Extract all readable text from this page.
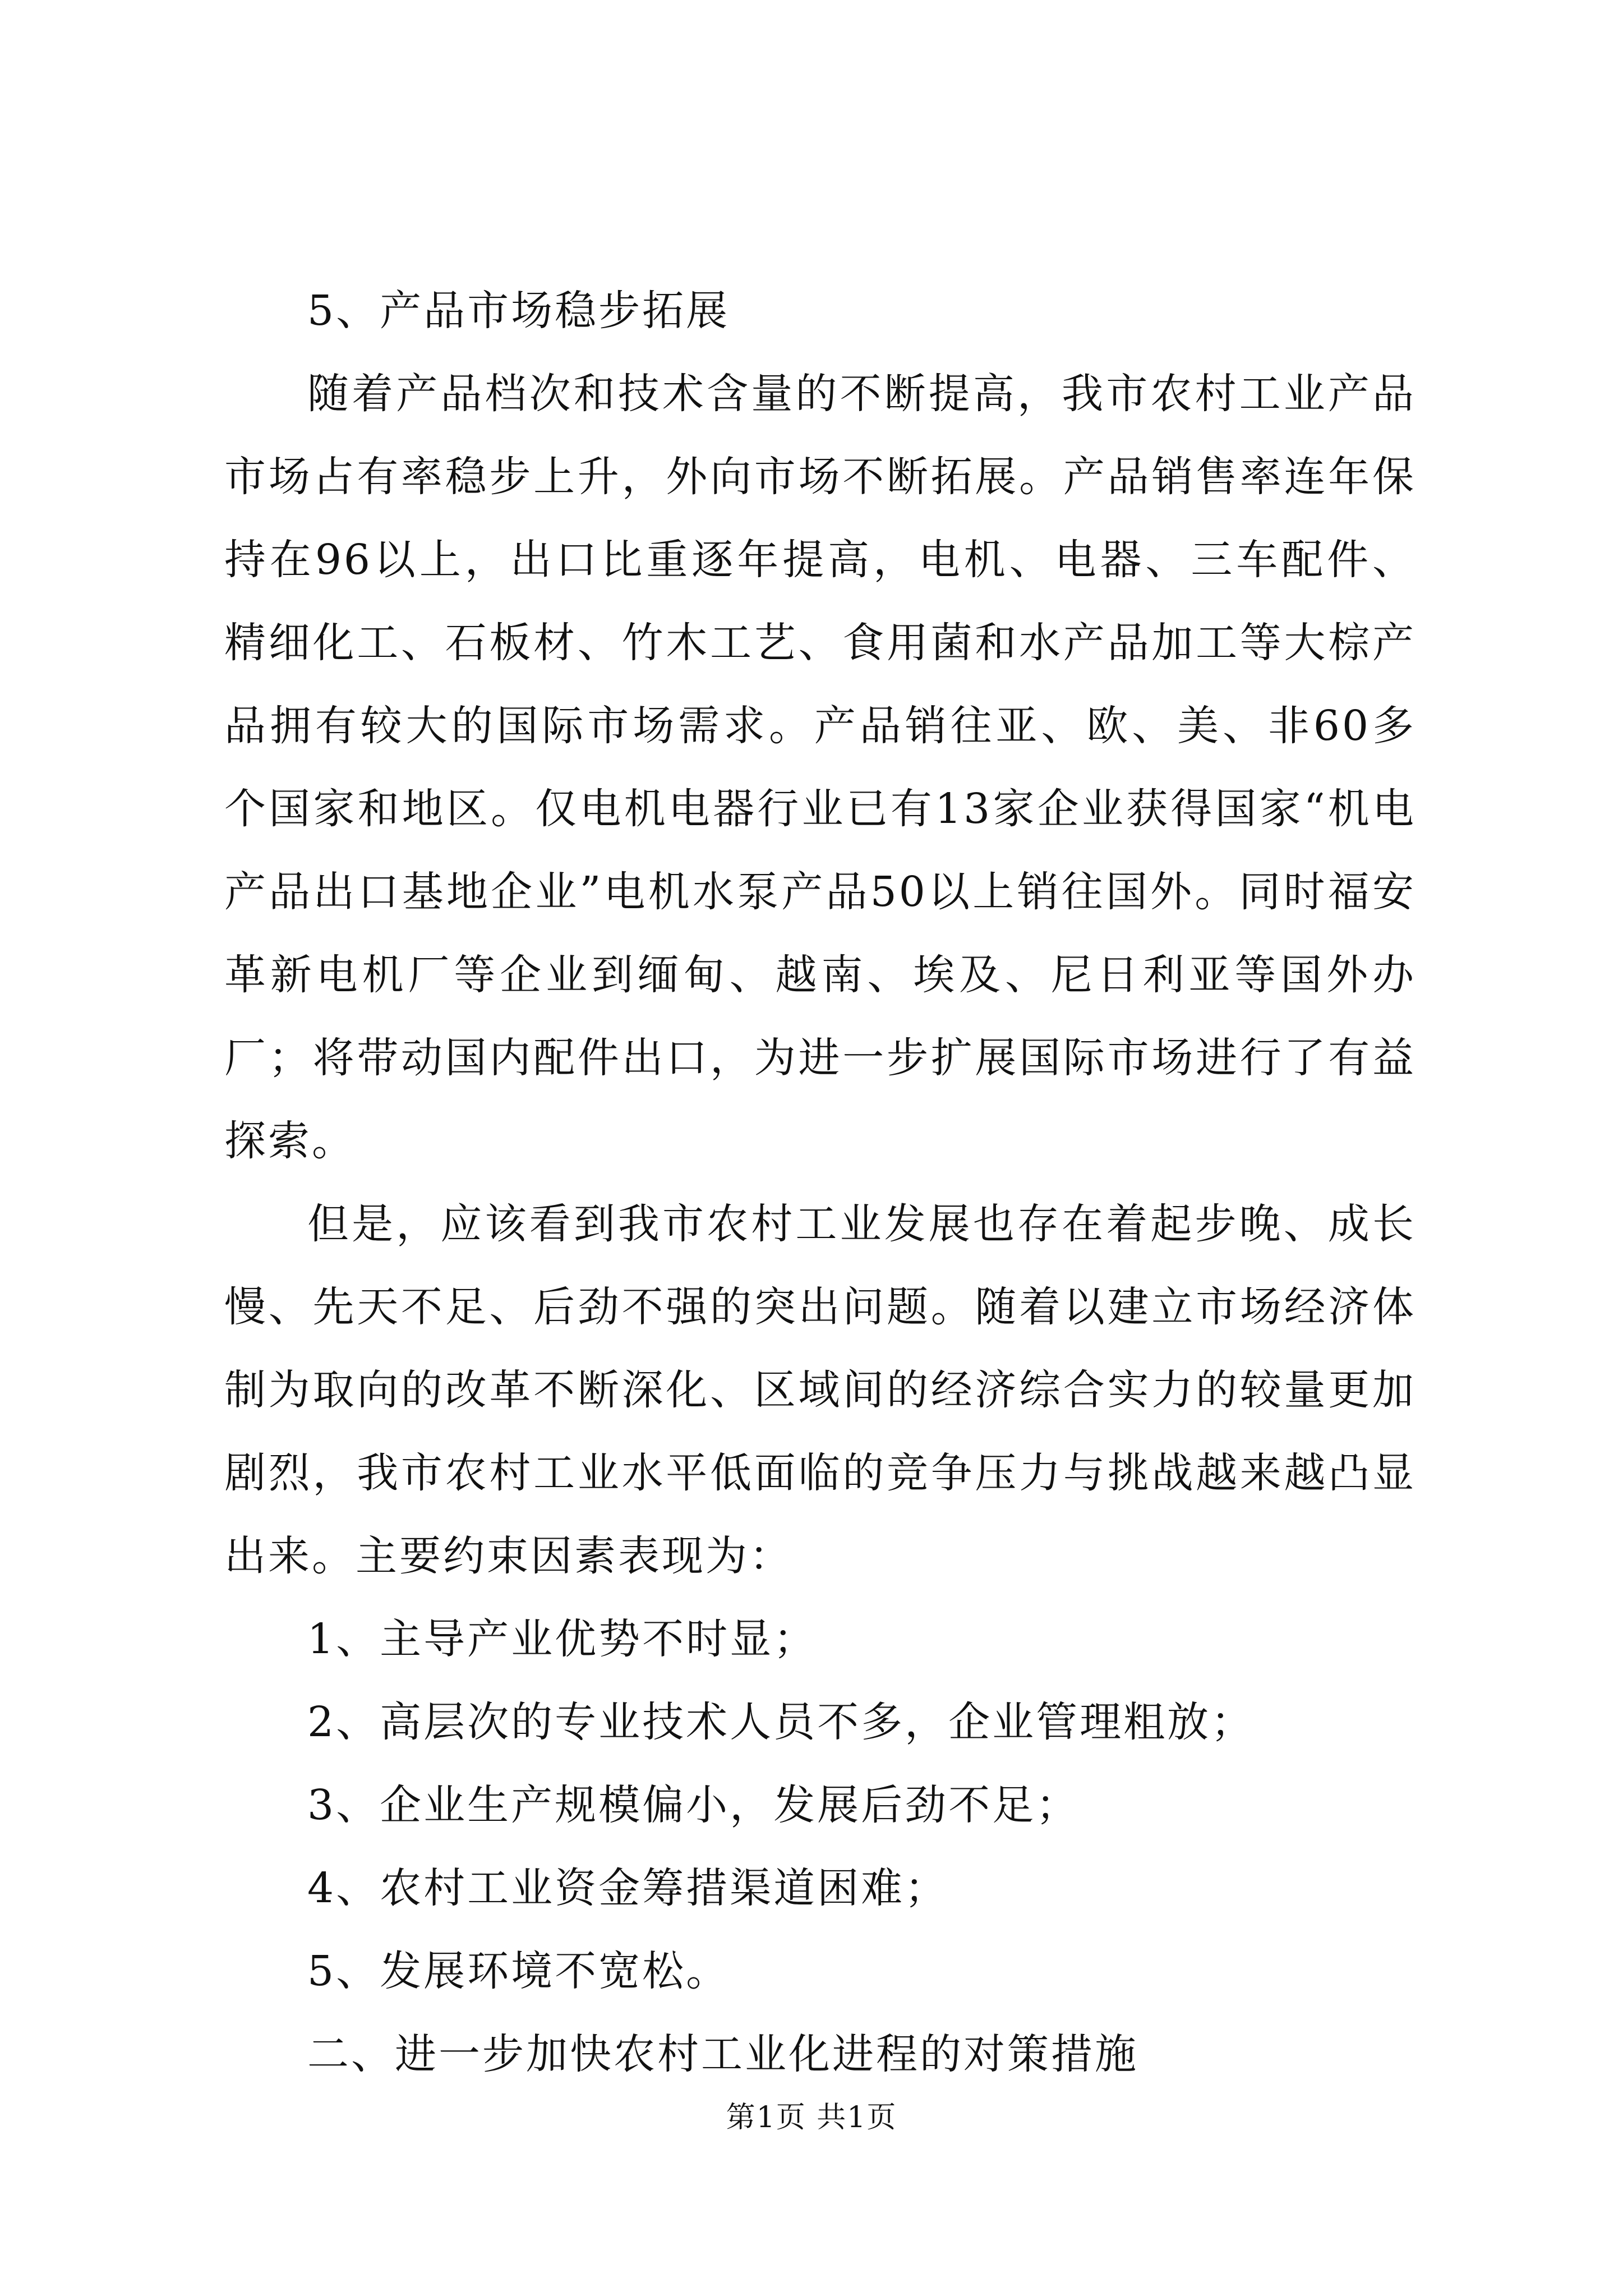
5、产品市场稳步拓展

随着产品档次和技术含量的不断提高，我市农村工业产品市场占有率稳步上升，外向市场不断拓展。产品销售率连年保持在96以上，出口比重逐年提高，电机、电器、三车配件、精细化工、石板材、竹木工艺、食用菌和水产品加工等大棕产品拥有较大的国际市场需求。产品销往亚、欧、美、非60多个国家和地区。仅电机电器行业已有13家企业获得国家“机电产品出口基地企业”电机水泵产品50以上销往国外。同时福安革新电机厂等企业到缅甸、越南、埃及、尼日利亚等国外办厂；将带动国内配件出口，为进一步扩展国际市场进行了有益探索。

但是，应该看到我市农村工业发展也存在着起步晚、成长慢、先天不足、后劲不强的突出问题。随着以建立市场经济体制为取向的改革不断深化、区域间的经济综合实力的较量更加剧烈，我市农村工业水平低面临的竞争压力与挑战越来越凸显出来。主要约束因素表现为：

1、主导产业优势不时显；

2、高层次的专业技术人员不多，企业管理粗放；

3、企业生产规模偏小，发展后劲不足；

4、农村工业资金筹措渠道困难；

5、发展环境不宽松。

二、进一步加快农村工业化进程的对策措施

第1页 共1页
